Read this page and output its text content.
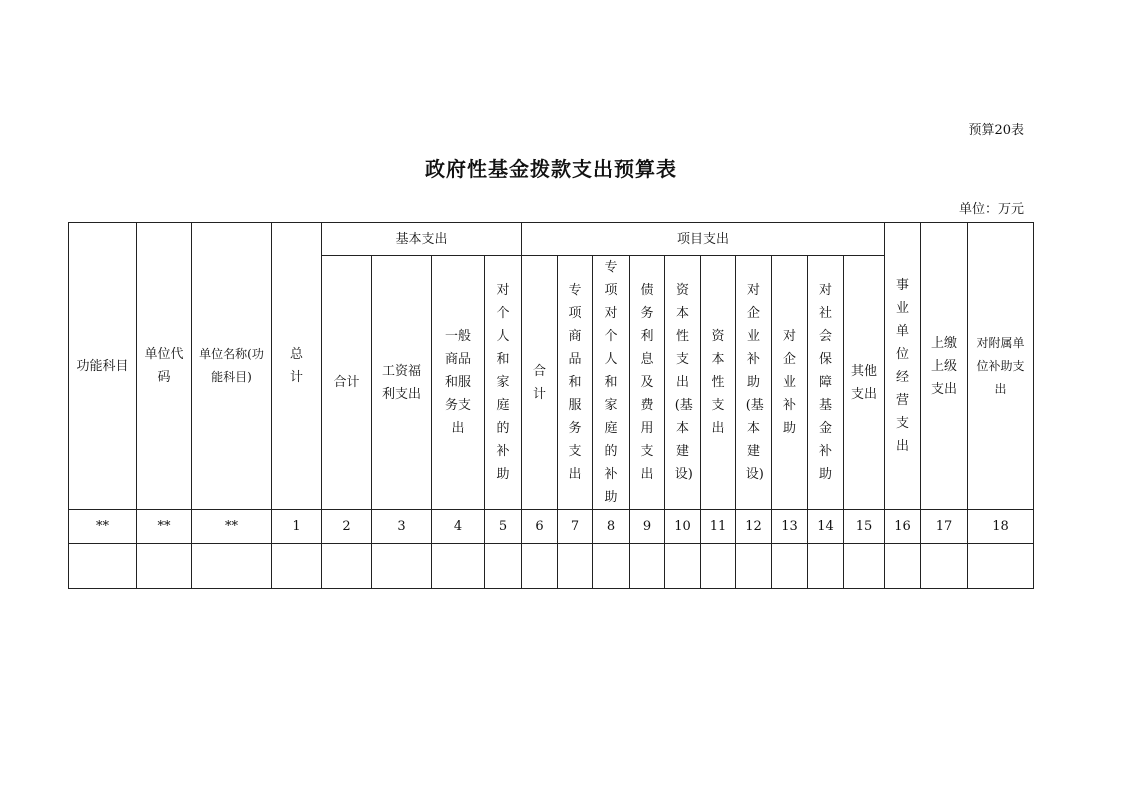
预算20表
政府性基金拨款支出预算表
单位：万元
功能科目	单位代码	单位名称(功能科目)	总计	基本支出				项目支出										事业单位经营支出	上缴上级支出	对附属单位补助支出
				合计	工资福利支出	一般商品和服务支出	对个人和家庭的补助	合计	专项商品和服务支出	专项对个人和家庭的补助	债务利息及费用支出	资本性支出(基本建设)	资本性支出	对企业补助(基本建设)	对企业补助	对社会保障基金补助	其他支出			
**	**	**	1	2	3	4	5	6	7	8	9	10	11	12	13	14	15	16	17	18
